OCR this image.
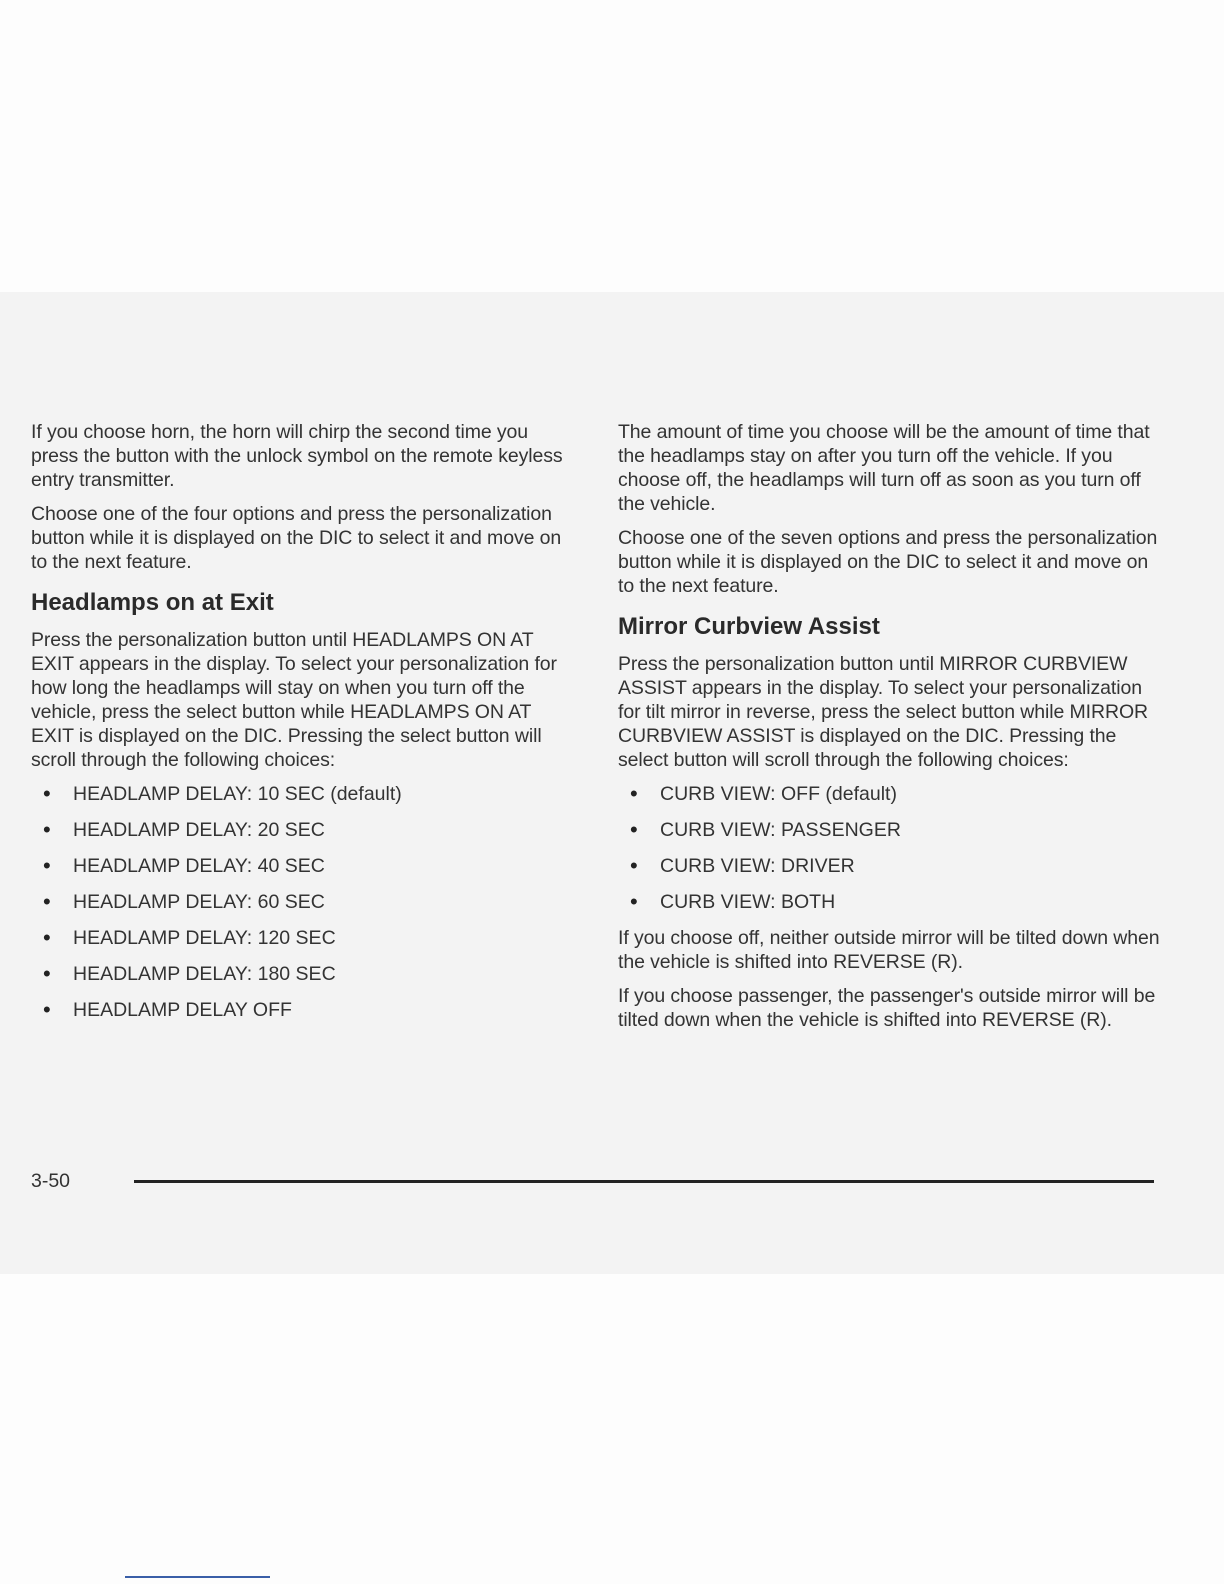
If you choose horn, the horn will chirp the second time you press the button with the unlock symbol on the remote keyless entry transmitter.

Choose one of the four options and press the personalization button while it is displayed on the DIC to select it and move on to the next feature.

Headlamps on at Exit

Press the personalization button until HEADLAMPS ON AT EXIT appears in the display. To select your personalization for how long the headlamps will stay on when you turn off the vehicle, press the select button while HEADLAMPS ON AT EXIT is displayed on the DIC. Pressing the select button will scroll through the following choices:

• HEADLAMP DELAY: 10 SEC (default)
• HEADLAMP DELAY: 20 SEC
• HEADLAMP DELAY: 40 SEC
• HEADLAMP DELAY: 60 SEC
• HEADLAMP DELAY: 120 SEC
• HEADLAMP DELAY: 180 SEC
• HEADLAMP DELAY OFF

The amount of time you choose will be the amount of time that the headlamps stay on after you turn off the vehicle. If you choose off, the headlamps will turn off as soon as you turn off the vehicle.

Choose one of the seven options and press the personalization button while it is displayed on the DIC to select it and move on to the next feature.

Mirror Curbview Assist

Press the personalization button until MIRROR CURBVIEW ASSIST appears in the display. To select your personalization for tilt mirror in reverse, press the select button while MIRROR CURBVIEW ASSIST is displayed on the DIC. Pressing the select button will scroll through the following choices:

• CURB VIEW: OFF (default)
• CURB VIEW: PASSENGER
• CURB VIEW: DRIVER
• CURB VIEW: BOTH

If you choose off, neither outside mirror will be tilted down when the vehicle is shifted into REVERSE (R).

If you choose passenger, the passenger's outside mirror will be tilted down when the vehicle is shifted into REVERSE (R).

3-50
